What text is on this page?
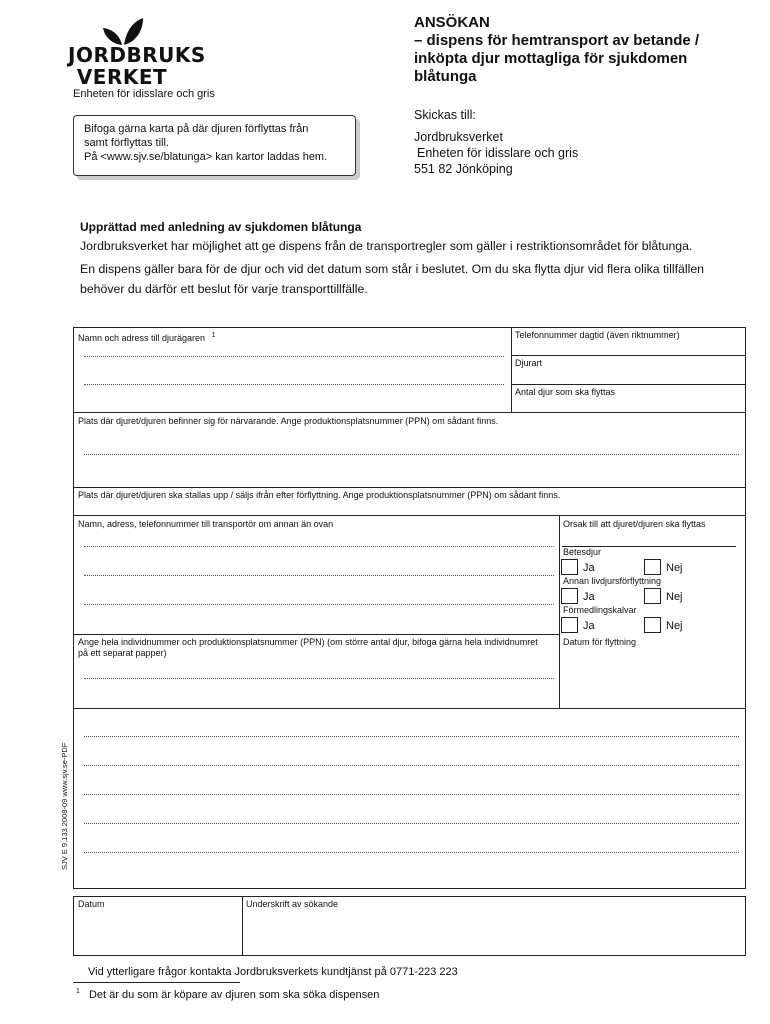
JORDBRUKS
VERKET
Enheten för idisslare och gris
ANSÖKAN
– dispens för hemtransport av betande /
inköpta djur mottagliga för sjukdomen
blåtunga
Bifoga gärna karta på där djuren förflyttas från
samt förflyttas till.
På <www.sjv.se/blatunga> kan kartor laddas hem.
Skickas till:
Jordbruksverket
Enheten för idisslare och gris
551 82 Jönköping
Upprättad med anledning av sjukdomen blåtunga
Jordbruksverket har möjlighet att ge dispens från de transportregler som gäller i restriktionsområdet för blåtunga.
En dispens gäller bara för de djur och vid det datum som står i beslutet. Om du ska flytta djur vid flera olika tillfällen
behöver du därför ett beslut för varje transporttillfälle.
Namn och adress till djurägaren $^1$	Telefonnummer dagtid (även riktnummer)
Djurart
Antal djur som ska flyttas
Plats där djuret/djuren befinner sig för närvarande. Ange produktionsplatsnummer (PPN) om sådant finns.
Plats där djuret/djuren ska stallas upp / säljs ifrån efter förflyttning. Ange produktionsplatsnummer (PPN) om sådant finns.
Namn, adress, telefonnummer till transportör om annan än ovan	Orsak till att djuret/djuren ska flyttas
Betesdjur
Ja	Nej
Annan livdjursförflyttning
Ja	Nej
Förmedlingskalvar
Ja	Nej
Ange hela individnummer och produktionsplatsnummer (PPN) (om större antal djur, bifoga gärna hela individnumret på ett separat papper)
Datum för flyttning
SJV E 9.133 2008-09 www.sjv.se-PDF
Datum	Underskrift av sökande
Vid ytterligare frågor kontakta Jordbruksverkets kundtjänst på 0771-223 223
$^1$ Det är du som är köpare av djuren som ska söka dispensen
